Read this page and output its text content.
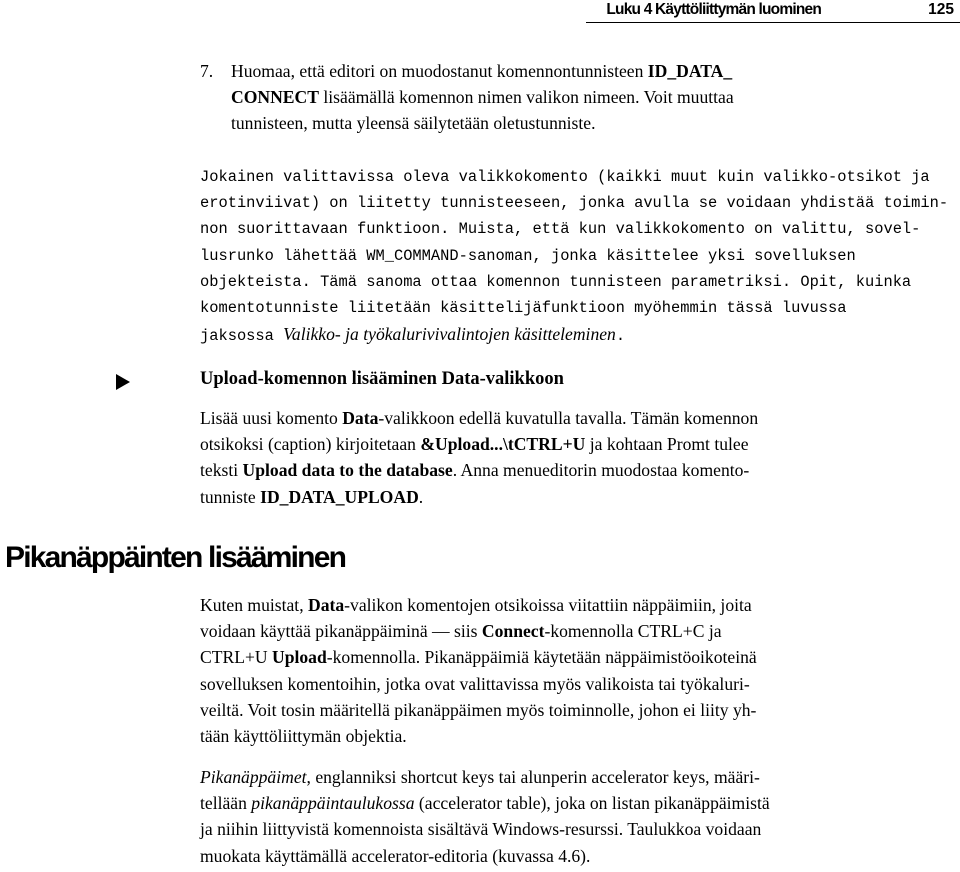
Luku 4 Käyttöliittymän luominen	125
7. Huomaa, että editori on muodostanut komennontunnisteen ID_DATA_
CONNECT lisäämällä komennon nimen valikon nimeen. Voit muuttaa
tunnisteen, mutta yleensä säilytetään oletustunniste.
Jokainen valittavissa oleva valikkokomento (kaikki muut kuin valikko-otsikot ja
erotinviivat) on liitetty tunnisteeseen, jonka avulla se voidaan yhdistää toimin-
non suorittavaan funktioon. Muista, että kun valikkokomento on valittu, sovel-
lusrunko lähettää WM_COMMAND-sanoman, jonka käsittelee yksi sovelluksen
objekteista. Tämä sanoma ottaa komennon tunnisteen parametriksi. Opit, kuinka
komentotunniste liitetään käsittelijäfunktioon myöhemmin tässä luvussa
jaksossa Valikko- ja työkalurivivalintojen käsitteleminen.
Upload-komennon lisääminen Data-valikkoon
Lisää uusi komento Data-valikkoon edellä kuvatulla tavalla. Tämän komennon
otsikoksi (caption) kirjoitetaan &Upload...\tCTRL+U ja kohtaan Promt tulee
teksti Upload data to the database. Anna menueditorin muodostaa komento-
tunniste ID_DATA_UPLOAD.
Pikanäppäinten lisääminen
Kuten muistat, Data-valikon komentojen otsikoissa viitattiin näppäimiin, joita
voidaan käyttää pikanäppäiminä — siis Connect-komennolla CTRL+C ja
CTRL+U Upload-komennolla. Pikanäppäimiä käytetään näppäimistöoikoteinä
sovelluksen komentoihin, jotka ovat valittavissa myös valikoista tai työkaluri-
veiltä. Voit tosin määritellä pikanäppäimen myös toiminnolle, johon ei liity yh-
tään käyttöliittymän objektia.
Pikanäppäimet, englanniksi shortcut keys tai alunperin accelerator keys, määri-
tellään pikanäppäintaulukossa (accelerator table), joka on listan pikanäppäimistä
ja niihin liittyvistä komennoista sisältävä Windows-resurssi. Taulukkoa voidaan
muokata käyttämällä accelerator-editoria (kuvassa 4.6).
